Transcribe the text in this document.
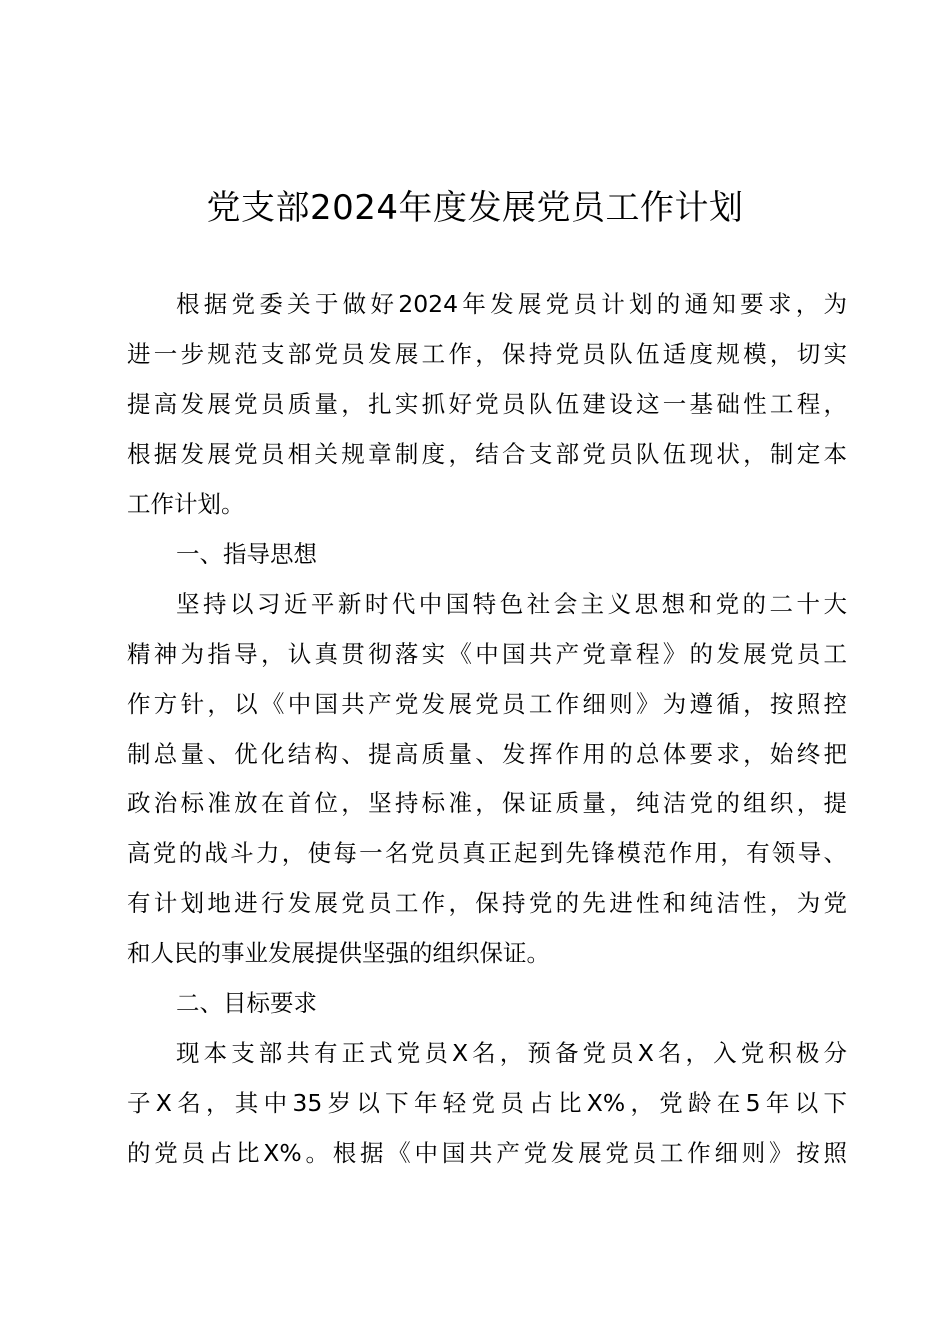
党支部2024年度发展党员工作计划
根据党委关于做好2024年发展党员计划的通知要求，为
进一步规范支部党员发展工作，保持党员队伍适度规模，切实
提高发展党员质量，扎实抓好党员队伍建设这一基础性工程，
根据发展党员相关规章制度，结合支部党员队伍现状，制定本
工作计划。
一、指导思想
坚持以习近平新时代中国特色社会主义思想和党的二十大
精神为指导，认真贯彻落实《中国共产党章程》的发展党员工
作方针，以《中国共产党发展党员工作细则》为遵循，按照控
制总量、优化结构、提高质量、发挥作用的总体要求，始终把
政治标准放在首位，坚持标准，保证质量，纯洁党的组织，提
高党的战斗力，使每一名党员真正起到先锋模范作用，有领导、
有计划地进行发展党员工作，保持党的先进性和纯洁性，为党
和人民的事业发展提供坚强的组织保证。
二、目标要求
现本支部共有正式党员X名，预备党员X名，入党积极分
子X名，其中35岁以下年轻党员占比X%，党龄在5年以下
的党员占比X%。根据《中国共产党发展党员工作细则》按照
